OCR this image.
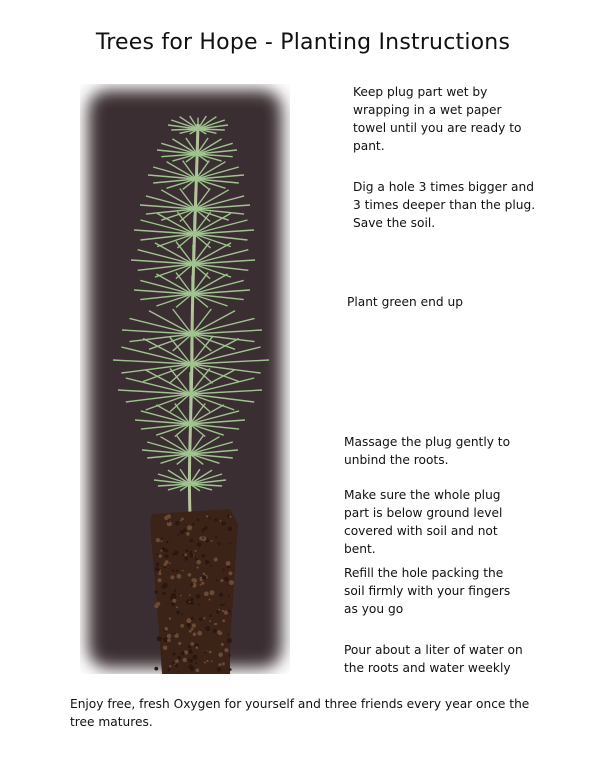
Trees for Hope - Planting Instructions
Keep plug part wet by wrapping in a wet paper towel until you are ready to pant.
Dig a hole 3 times bigger and 3 times deeper than the plug. Save the soil.
Plant green end up
Massage the plug gently to unbind the roots.
Make sure the whole plug part is below ground level covered with soil and not bent.
Refill the hole packing the soil firmly with your fingers as you go
Pour about a liter of water on the roots and water weekly
Enjoy free, fresh Oxygen for yourself and three friends every year once the tree matures.
